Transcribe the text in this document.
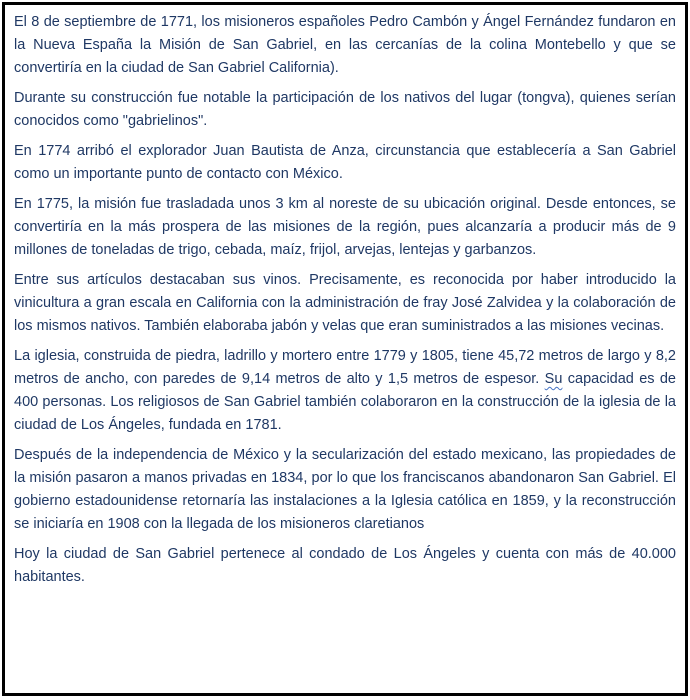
El 8 de septiembre de 1771, los misioneros españoles Pedro Cambón y Ángel Fernández fundaron en la Nueva España la Misión de San Gabriel, en las cercanías de la colina Montebello y que se convertiría en la ciudad de San Gabriel California).

Durante su construcción fue notable la participación de los nativos del lugar (tongva), quienes serían conocidos como "gabrielinos".

En 1774 arribó el explorador Juan Bautista de Anza, circunstancia que establecería a San Gabriel como un importante punto de contacto con México.

En 1775, la misión fue trasladada unos 3 km al noreste de su ubicación original. Desde entonces, se convertiría en la más prospera de las misiones de la región, pues alcanzaría a producir más de 9 millones de toneladas de trigo, cebada, maíz, frijol, arvejas, lentejas y garbanzos.

Entre sus artículos destacaban sus vinos. Precisamente, es reconocida por haber introducido la vinicultura a gran escala en California con la administración de fray José Zalvidea y la colaboración de los mismos nativos. También elaboraba jabón y velas que eran suministrados a las misiones vecinas.

La iglesia, construida de piedra, ladrillo y mortero entre 1779 y 1805, tiene 45,72 metros de largo y 8,2 metros de ancho, con paredes de 9,14 metros de alto y 1,5 metros de espesor. Su capacidad es de 400 personas. Los religiosos de San Gabriel también colaboraron en la construcción de la iglesia de la ciudad de Los Ángeles, fundada en 1781.

Después de la independencia de México y la secularización del estado mexicano, las propiedades de la misión pasaron a manos privadas en 1834, por lo que los franciscanos abandonaron San Gabriel. El gobierno estadounidense retornaría las instalaciones a la Iglesia católica en 1859, y la reconstrucción se iniciaría en 1908 con la llegada de los misioneros claretianos

Hoy la ciudad de San Gabriel pertenece al condado de Los Ángeles y cuenta con más de 40.000 habitantes.
